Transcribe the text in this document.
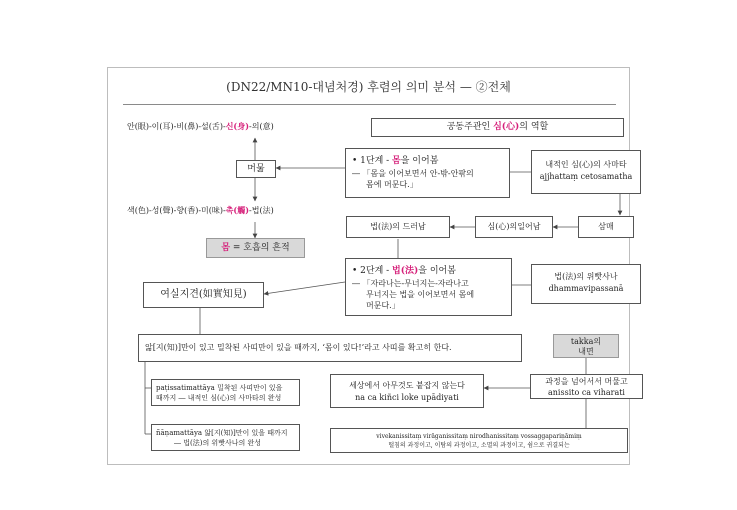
(DN22/MN10-대념처경) 후렴의 의미 분석 — ②전체
안(眼)-이(耳)-비(鼻)-설(舌)-신(身)-의(意)
머묾
색(色)-성(聲)-향(香)-미(味)-촉(觸)-법(法)
몸 = 호흡의 흔적
공동주관인 심(心)의 역할
• 1단계 - 몸을 이어봄
― 「몸을 이어보면서 안-밖-안팎의
몸에 머문다.」
내적인 심(心)의 사마타
ajjhattaṃ cetosamatha
법(法)의 드러남	심(心)의일어남	삼매
• 2단계 - 법(法)을 이어봄
― 「자라나는-무너지는-자라나고
무너지는 법을 이어보면서 몸에
머문다.」
법(法)의 위빳사나
dhammavipassanā
여실지견(如實知見)
앎[지(知)]만이 있고 밀착된 사띠만이 있을 때까지, ‘몸이 있다!’라고 사띠를 확고히 한다.
takka의
내면
세상에서 아무것도 붙잡지 않는다
na ca kiñci loke upādiyati
과정을 넘어서서 머물고
anissito ca viharati
paṭissatimattāya 밀착된 사띠만이 있을
때까지 ― 내적인 심(心)의 사마타의 완성
ñāṇamattāya 앎[지(知)]만이 있을 때까지
― 법(法)의 위빳사나의 완성
vivekanissitaṃ virāganissitaṃ nirodhanissitaṃ vossaggapariṇāmiṃ
떨침의 과정이고, 이탐의 과정이고, 소멸의 과정이고, 쉼으로 귀결되는
